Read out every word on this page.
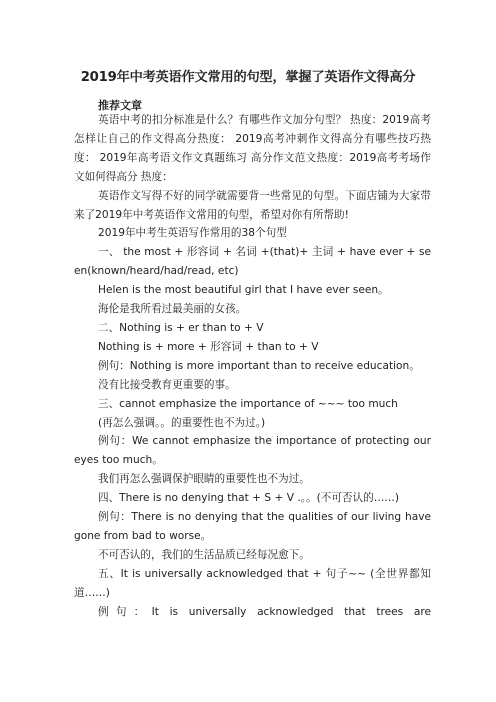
2019年中考英语作文常用的句型，掌握了英语作文得高分
推荐文章

英语中考的扣分标准是什么？有哪些作文加分句型？ 热度：2019高考怎样让自己的作文得高分热度： 2019高考冲刺作文得高分有哪些技巧热度： 2019年高考语文作文真题练习 高分作文范文热度：2019高考考场作文如何得高分 热度：

英语作文写得不好的同学就需要背一些常见的句型。下面店铺为大家带来了2019年中考英语作文常用的句型，希望对你有所帮助!

2019年中考生英语写作常用的38个句型

一、 the most + 形容词 + 名词 +(that)+ 主词 + have ever + seen(known/heard/had/read, etc)

Helen is the most beautiful girl that I have ever seen。

海伦是我所看过最美丽的女孩。

二、Nothing is + er than to + V

Nothing is + more + 形容词 + than to + V

例句：Nothing is more important than to receive education。

没有比接受教育更重要的事。

三、cannot emphasize the importance of ~~~ too much

(再怎么强调。。的重要性也不为过。)

例句：We cannot emphasize the importance of protecting our eyes too much。

我们再怎么强调保护眼睛的重要性也不为过。

四、There is no denying that + S + V .。。(不可否认的……)

例句：There is no denying that the qualities of our living have gone from bad to worse。

不可否认的，我们的生活品质已经每况愈下。

五、It is universally acknowledged that + 句子~~ (全世界都知道……)

例句：It is universally acknowledged that trees are
